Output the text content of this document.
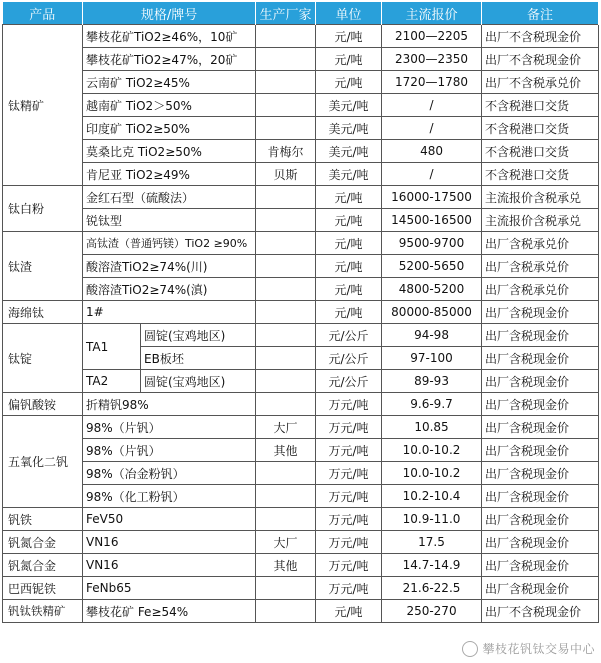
产品	规格/牌号		生产厂家	单位	主流报价	备注
钛精矿	攀枝花矿TiO2≥46%，10矿			元/吨	2100—2205	出厂不含税现金价
	攀枝花矿TiO2≥47%，20矿			元/吨	2300—2350	出厂不含税现金价
	云南矿 TiO2≥45%			元/吨	1720—1780	出厂不含税承兑价
	越南矿 TiO2＞50%			美元/吨	/	不含税港口交货
	印度矿 TiO2≥50%			美元/吨	/	不含税港口交货
	莫桑比克 TiO2≥50%		肯梅尔	美元/吨	480	不含税港口交货
	肯尼亚 TiO2≥49%		贝斯	美元/吨	/	不含税港口交货
钛白粉	金红石型（硫酸法）			元/吨	16000-17500	主流报价含税承兑
	锐钛型			元/吨	14500-16500	主流报价含税承兑
钛渣	高钛渣（普通钙镁）TiO2 ≥90%			元/吨	9500-9700	出厂含税承兑价
	酸溶渣TiO2≥74%(川)			元/吨	5200-5650	出厂含税承兑价
	酸溶渣TiO2≥74%(滇)			元/吨	4800-5200	出厂含税承兑价
海绵钛	1#			元/吨	80000-85000	出厂含税现金价
钛锭	TA1	圆锭(宝鸡地区)		元/公斤	94-98	出厂含税现金价
		EB板坯		元/公斤	97-100	出厂含税现金价
	TA2	圆锭(宝鸡地区)		元/公斤	89-93	出厂含税现金价
偏钒酸铵	折精钒98%			万元/吨	9.6-9.7	出厂含税现金价
五氧化二钒	98%（片钒）		大厂	万元/吨	10.85	出厂含税现金价
	98%（片钒）		其他	万元/吨	10.0-10.2	出厂含税现金价
	98%（冶金粉钒）			万元/吨	10.0-10.2	出厂含税现金价
	98%（化工粉钒）			万元/吨	10.2-10.4	出厂含税现金价
钒铁	FeV50			万元/吨	10.9-11.0	出厂含税现金价
钒氮合金	VN16		大厂	万元/吨	17.5	出厂含税现金价
钒氮合金	VN16		其他	万元/吨	14.7-14.9	出厂含税现金价
巴西铌铁	FeNb65			万元/吨	21.6-22.5	出厂含税现金价
钒钛铁精矿	攀枝花矿 Fe≥54%			元/吨	250-270	出厂不含税现金价
攀枝花钒钛交易中心
